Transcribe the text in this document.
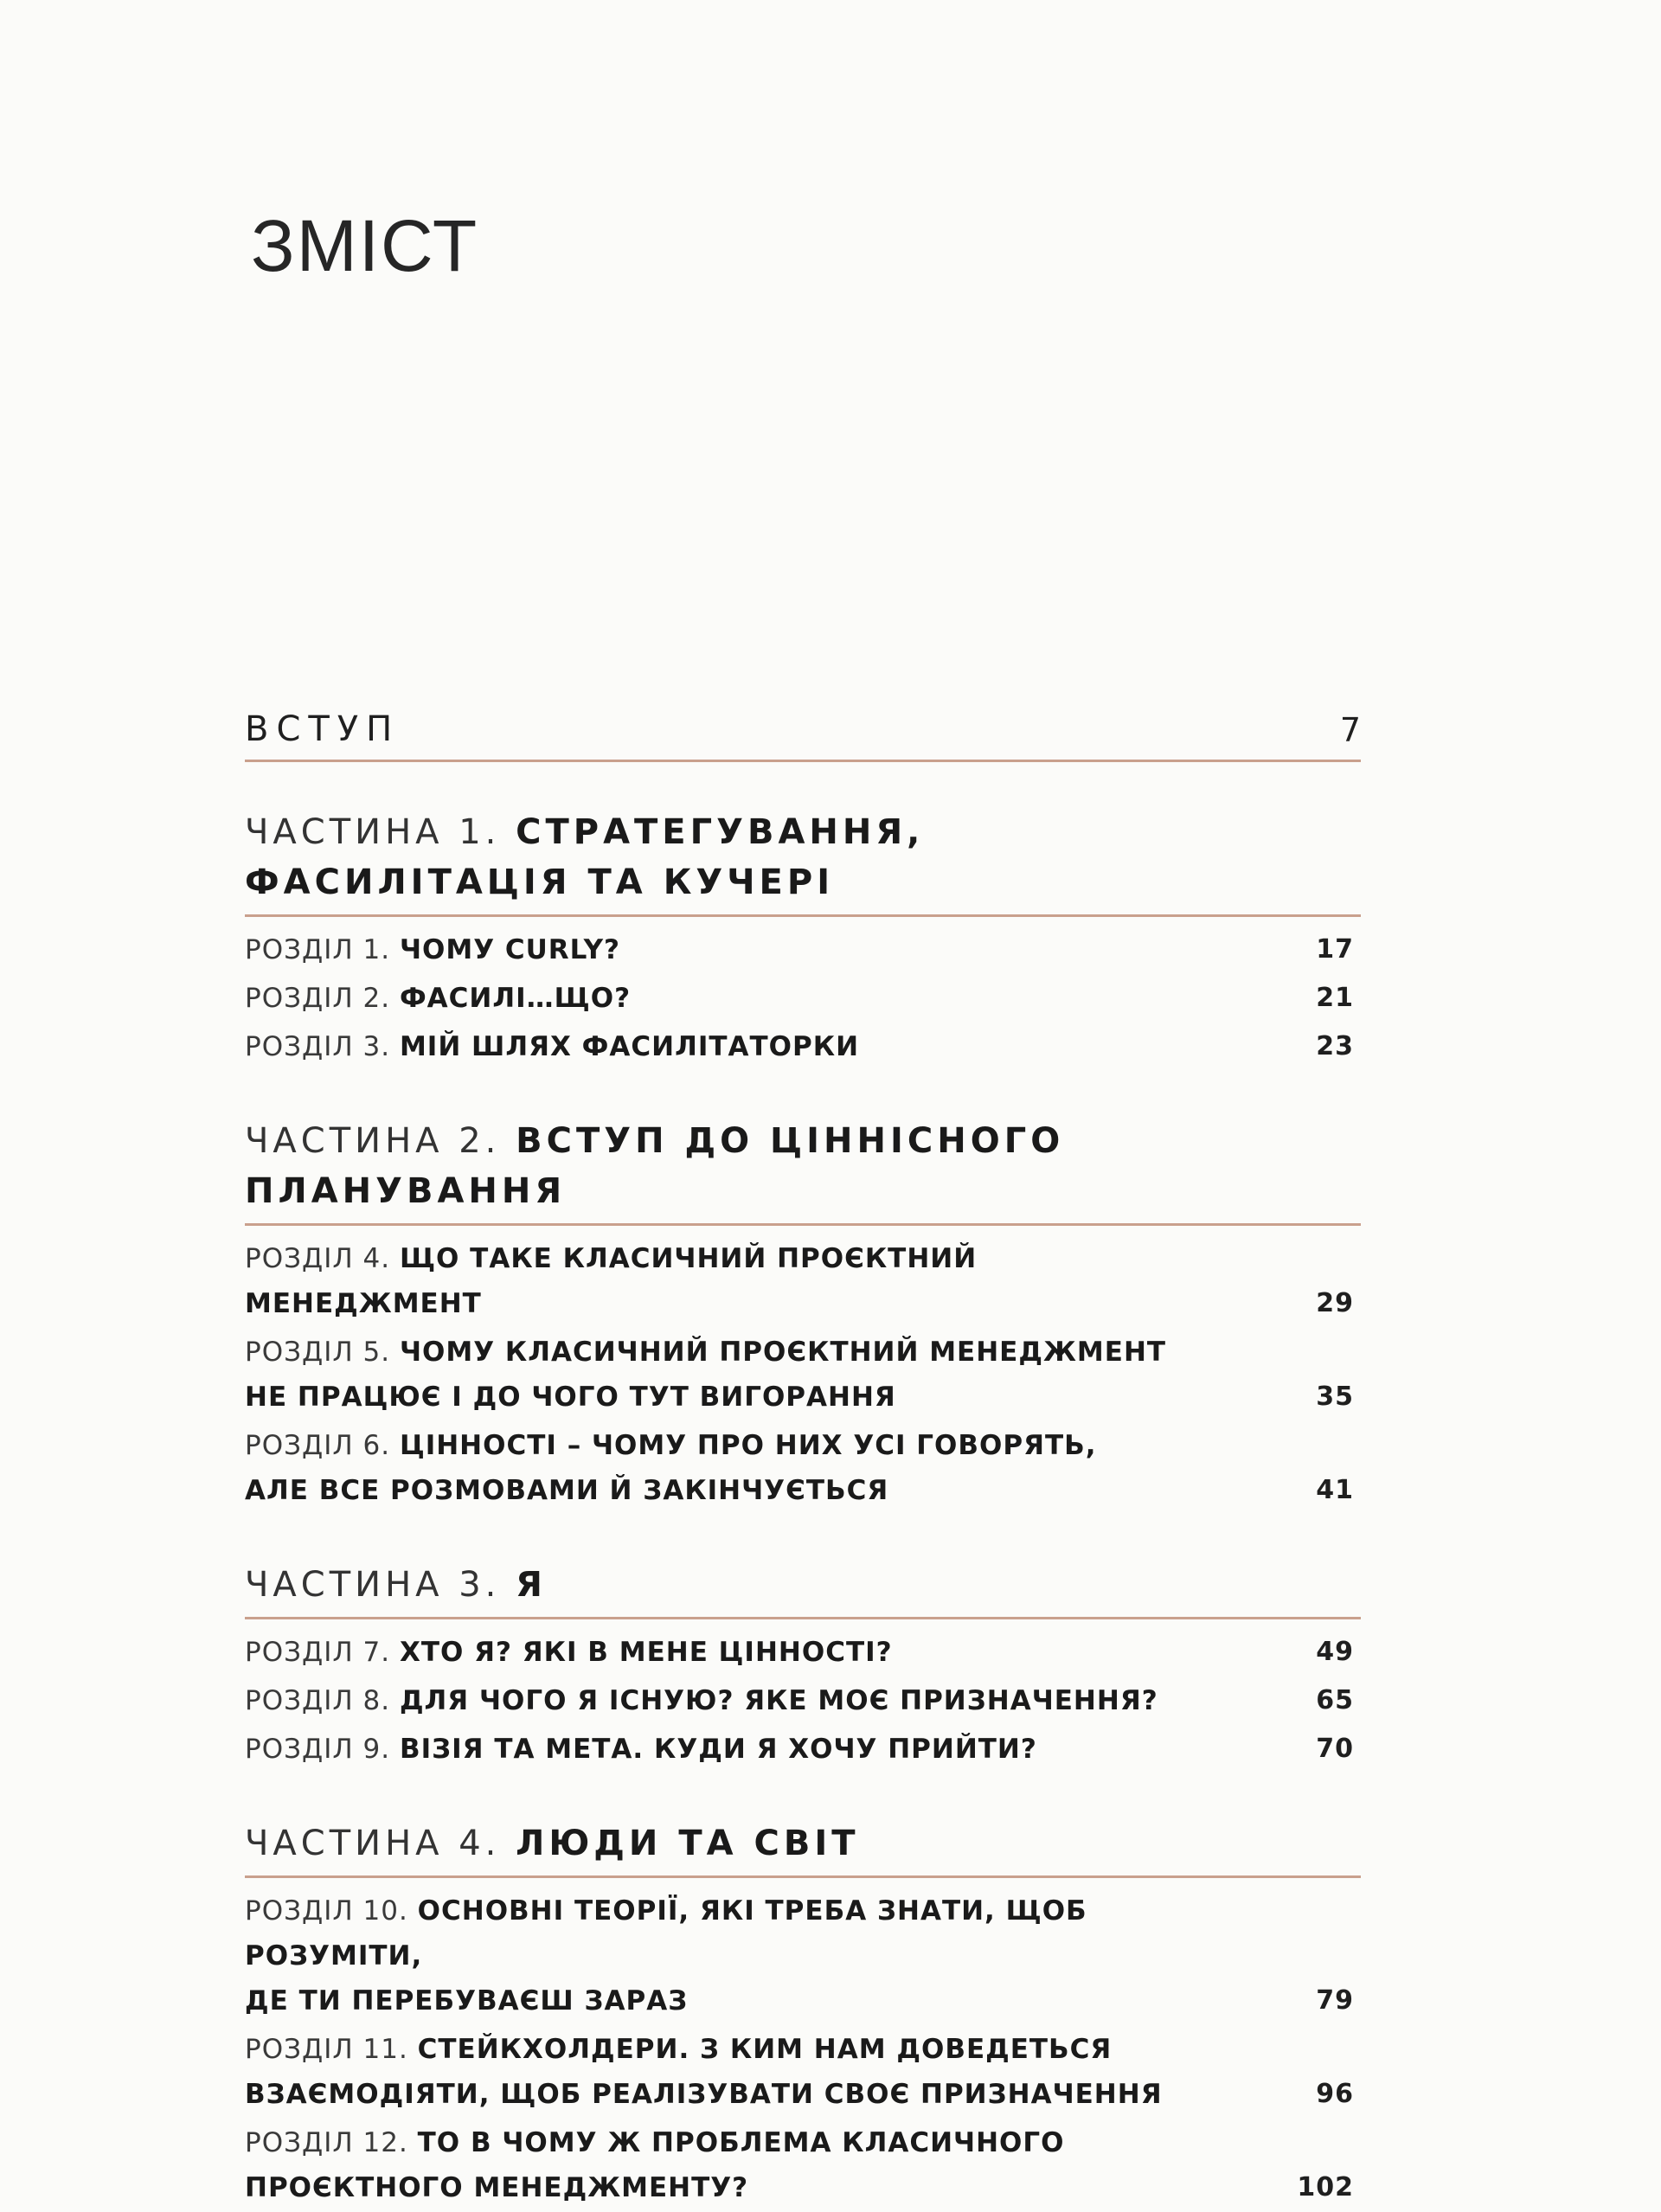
ЗМІСТ
ВСТУП	7
ЧАСТИНА 1. СТРАТЕГУВАННЯ,
ФАСИЛІТАЦІЯ ТА КУЧЕРІ
РОЗДІЛ 1. ЧОМУ CURLY?	17
РОЗДІЛ 2. ФАСИЛІ…ЩО?	21
РОЗДІЛ 3. МІЙ ШЛЯХ ФАСИЛІТАТОРКИ	23
ЧАСТИНА 2. ВСТУП ДО ЦІННІСНОГО ПЛАНУВАННЯ
РОЗДІЛ 4. ЩО ТАКЕ КЛАСИЧНИЙ ПРОЄКТНИЙ МЕНЕДЖМЕНТ	29
РОЗДІЛ 5. ЧОМУ КЛАСИЧНИЙ ПРОЄКТНИЙ МЕНЕДЖМЕНТ
НЕ ПРАЦЮЄ І ДО ЧОГО ТУТ ВИГОРАННЯ	35
РОЗДІЛ 6. ЦІННОСТІ – ЧОМУ ПРО НИХ УСІ ГОВОРЯТЬ,
АЛЕ ВСЕ РОЗМОВАМИ Й ЗАКІНЧУЄТЬСЯ	41
ЧАСТИНА 3. Я
РОЗДІЛ 7. ХТО Я? ЯКІ В МЕНЕ ЦІННОСТІ?	49
РОЗДІЛ 8. ДЛЯ ЧОГО Я ІСНУЮ? ЯКЕ МОЄ ПРИЗНАЧЕННЯ?	65
РОЗДІЛ 9. ВІЗІЯ ТА МЕТА. КУДИ Я ХОЧУ ПРИЙТИ?	70
ЧАСТИНА 4. ЛЮДИ ТА СВІТ
РОЗДІЛ 10. ОСНОВНІ ТЕОРІЇ, ЯКІ ТРЕБА ЗНАТИ, ЩОБ РОЗУМІТИ,
ДЕ ТИ ПЕРЕБУВАЄШ ЗАРАЗ	79
РОЗДІЛ 11. СТЕЙКХОЛДЕРИ. З КИМ НАМ ДОВЕДЕТЬСЯ
ВЗАЄМОДІЯТИ, ЩОБ РЕАЛІЗУВАТИ СВОЄ ПРИЗНАЧЕННЯ	96
РОЗДІЛ 12. ТО В ЧОМУ Ж ПРОБЛЕМА КЛАСИЧНОГО
ПРОЄКТНОГО МЕНЕДЖМЕНТУ?	102
